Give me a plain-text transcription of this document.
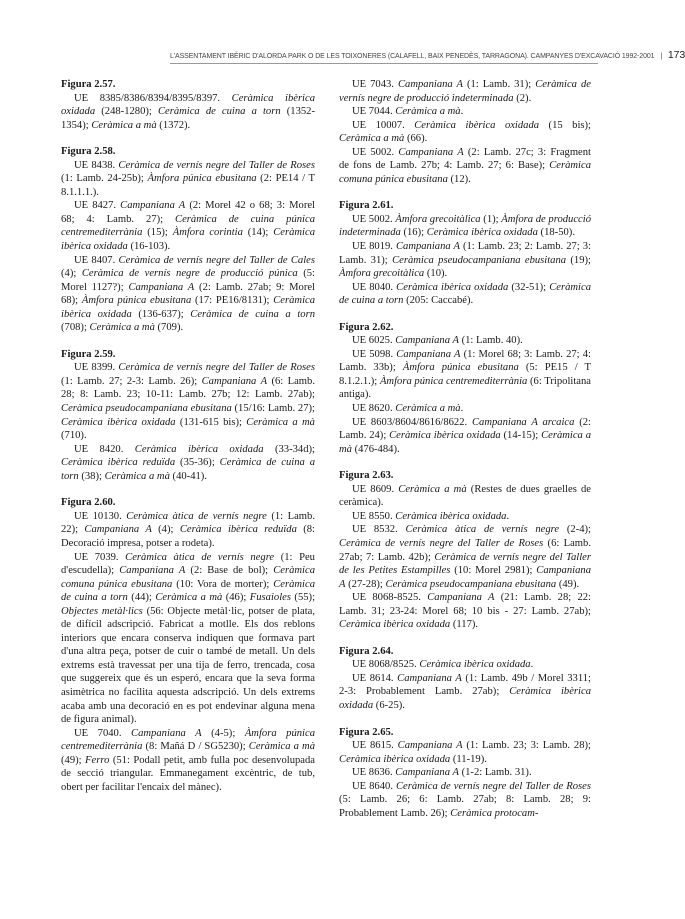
L'ASSENTAMENT IBÈRIC D'ALORDA PARK O DE LES TOIXONERES (CALAFELL, BAIX PENEDÈS, TARRAGONA). CAMPANYES D'EXCAVACIÓ 1992-2001 | 173
Figura 2.57.

UE 8385/8386/8394/8395/8397. Ceràmica ibèrica oxidada (248-1280); Ceràmica de cuina a torn (1352-1354); Ceràmica a mà (1372).

Figura 2.58.

UE 8438. Ceràmica de vernís negre del Taller de Roses (1: Lamb. 24-25b); Àmfora púnica ebusitana (2: PE14 / T 8.1.1.1.).

UE 8427. Campaniana A (2: Morel 42 o 68; 3: Morel 68; 4: Lamb. 27); Ceràmica de cuina púnica centremediterrània (15); Àmfora corintia (14); Ceràmica ibèrica oxidada (16-103).

UE 8407. Ceràmica de vernís negre del Taller de Cales (4); Ceràmica de vernís negre de producció púnica (5: Morel 1127?); Campaniana A (2: Lamb. 27ab; 9: Morel 68); Àmfora púnica ebusitana (17: PE16/8131); Ceràmica ibèrica oxidada (136-637); Ceràmica de cuina a torn (708); Ceràmica a mà (709).

Figura 2.59.

UE 8399. Ceràmica de vernís negre del Taller de Roses (1: Lamb. 27; 2-3: Lamb. 26); Campaniana A (6: Lamb. 28; 8: Lamb. 23; 10-11: Lamb. 27b; 12: Lamb. 27ab); Ceràmica pseudocampaniana ebusitana (15/16: Lamb. 27); Ceràmica ibèrica oxidada (131-615 bis); Ceràmica a mà (710).

UE 8420. Ceràmica ibèrica oxidada (33-34d); Ceràmica ibèrica reduïda (35-36); Ceràmica de cuina a torn (38); Ceràmica a mà (40-41).

Figura 2.60.

UE 10130. Ceràmica àtica de vernís negre (1: Lamb. 22); Campaniana A (4); Ceràmica ibèrica reduïda (8: Decoració impresa, potser a rodeta).

UE 7039. Ceràmica àtica de vernís negre (1: Peu d'escudella); Campaniana A (2: Base de bol); Ceràmica comuna púnica ebusitana (10: Vora de morter); Ceràmica de cuina a torn (44); Ceràmica a mà (46); Fusaioles (55); Objectes metàl·lics (56: Objecte metàl·lic, potser de plata, de difícil adscripció. Fabricat a motlle. Els dos reblons interiors que encara conserva indiquen que formava part d'una altra peça, potser de cuir o també de metall. Un dels extrems està travessat per una tija de ferro, trencada, cosa que suggereix que és un esperó, encara que la seva forma asimètrica no facilita aquesta adscripció. Un dels extrems acaba amb una decoració en es pot endevinar alguna mena de figura animal).

UE 7040. Campaniana A (4-5); Àmfora púnica centremediterrània (8: Mañá D / SG5230); Ceràmica a mà (49); Ferro (51: Podall petit, amb fulla poc desenvolupada de secció triangular. Emmanegament excèntric, de tub, obert per facilitar l'encaix del mànec).

UE 7043. Campaniana A (1: Lamb. 31); Ceràmica de vernís negre de producció indeterminada (2).

UE 7044. Ceràmica a mà.

UE 10007. Ceràmica ibèrica oxidada (15 bis); Ceràmica a mà (66).

UE 5002. Campaniana A (2: Lamb. 27c; 3: Fragment de fons de Lamb. 27b; 4: Lamb. 27; 6: Base); Ceràmica comuna púnica ebusitana (12).

Figura 2.61.

UE 5002. Àmfora grecoitàlica (1); Àmfora de producció indeterminada (16); Ceràmica ibèrica oxidada (18-50).

UE 8019. Campaniana A (1: Lamb. 23; 2: Lamb. 27; 3: Lamb. 31); Ceràmica pseudocampaniana ebusitana (19); Àmfora grecoitàlica (10).

UE 8040. Ceràmica ibèrica oxidada (32-51); Ceràmica de cuina a torn (205: Caccabé).

Figura 2.62.

UE 6025. Campaniana A (1: Lamb. 40).

UE 5098. Campaniana A (1: Morel 68; 3: Lamb. 27; 4: Lamb. 33b); Àmfora púnica ebusitana (5: PE15 / T 8.1.2.1.); Àmfora púnica centremediterrània (6: Tripolitana antiga).

UE 8620. Ceràmica a mà.

UE 8603/8604/8616/8622. Campaniana A arcaica (2: Lamb. 24); Ceràmica ibèrica oxidada (14-15); Ceràmica a mà (476-484).

Figura 2.63.

UE 8609. Ceràmica a mà (Restes de dues graelles de ceràmica).

UE 8550. Ceràmica ibèrica oxidada.

UE 8532. Ceràmica àtica de vernís negre (2-4); Ceràmica de vernís negre del Taller de Roses (6: Lamb. 27ab; 7: Lamb. 42b); Ceràmica de vernís negre del Taller de les Petites Estampilles (10: Morel 2981); Campaniana A (27-28); Ceràmica pseudocampaniana ebusitana (49).

UE 8068-8525. Campaniana A (21: Lamb. 28; 22: Lamb. 31; 23-24: Morel 68; 10 bis - 27: Lamb. 27ab); Ceràmica ibèrica oxidada (117).

Figura 2.64.

UE 8068/8525. Ceràmica ibèrica oxidada.

UE 8614. Campaniana A (1: Lamb. 49b / Morel 3311; 2-3: Probablement Lamb. 27ab); Ceràmica ibèrica oxidada (6-25).

Figura 2.65.

UE 8615. Campaniana A (1: Lamb. 23; 3: Lamb. 28); Ceràmica ibèrica oxidada (11-19).

UE 8636. Campaniana A (1-2: Lamb. 31).

UE 8640. Ceràmica de vernís negre del Taller de Roses (5: Lamb. 26; 6: Lamb. 27ab; 8: Lamb. 28; 9: Probablement Lamb. 26); Ceràmica protocam-
